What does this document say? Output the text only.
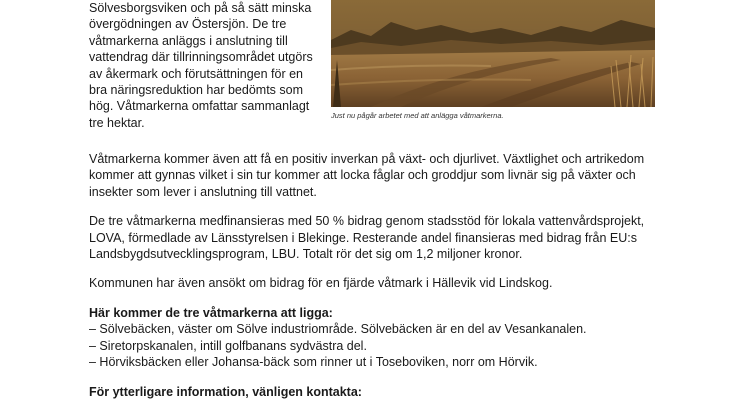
Sölvesborgsviken och på så sätt minska

övergödningen av Östersjön. De tre

våtmarkerna anläggs i anslutning till

vattendrag där tillrinningsområdet utgörs

av åkermark och förutsättningen för en

bra näringsreduktion har bedömts som

hög. Våtmarkerna omfattar sammanlagt

tre hektar.

Just nu pågår arbetet med att anlägga våtmarkerna.

Våtmarkerna kommer även att få en positiv inverkan på växt- och djurlivet. Växtlighet och artrikedom
kommer att gynnas vilket i sin tur kommer att locka fåglar och groddjur som livnär sig på växter och
insekter som lever i anslutning till vattnet.

De tre våtmarkerna medfinansieras med 50 % bidrag genom stadsstöd för lokala vattenvårdsprojekt,
LOVA, förmedlade av Länsstyrelsen i Blekinge. Resterande andel finansieras med bidrag från EU:s
Landsbygdsutvecklingsprogram, LBU. Totalt rör det sig om 1,2 miljoner kronor.

Kommunen har även ansökt om bidrag för en fjärde våtmark i Hällevik vid Lindskog.

Här kommer de tre våtmarkerna att ligga:

– Sölvebäcken, väster om Sölve industriområde. Sölvebäcken är en del av Vesankanalen.

– Siretorpskanalen, intill golfbanans sydvästra del.

– Hörviksbäcken eller Johansa-bäck som rinner ut i Toseboviken, norr om Hörvik.

För ytterligare information, vänligen kontakta:
